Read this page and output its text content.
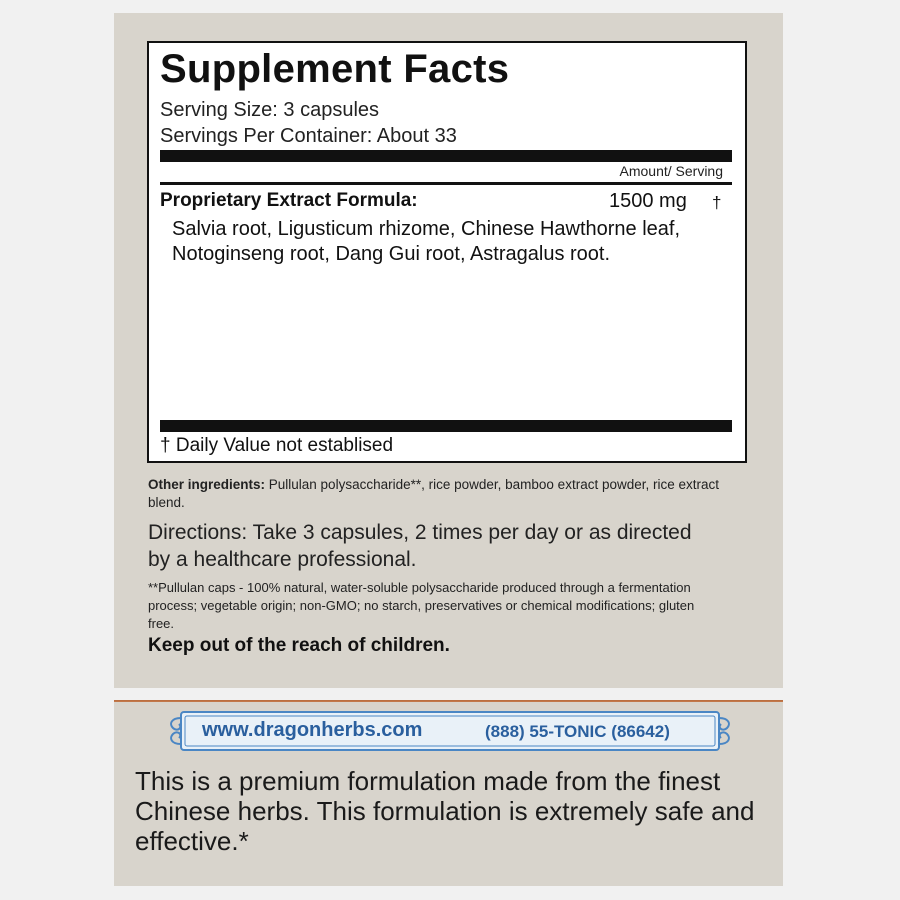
Supplement Facts
Serving Size: 3 capsules
Servings Per Container: About 33
Amount/ Serving
Proprietary Extract Formula:	1500 mg †
Salvia root, Ligusticum rhizome, Chinese Hawthorne leaf, Notoginseng root, Dang Gui root, Astragalus root.
† Daily Value not establised
Other ingredients: Pullulan polysaccharide**, rice powder, bamboo extract powder, rice extract blend.
Directions: Take 3 capsules, 2 times per day or as directed by a healthcare professional.
**Pullulan caps - 100% natural, water-soluble polysaccharide produced through a fermentation process; vegetable origin; non-GMO; no starch, preservatives or chemical modifications; gluten free.
Keep out of the reach of children.
www.dragonherbs.com	(888) 55-TONIC (86642)
This is a premium formulation made from the finest Chinese herbs. This formulation is extremely safe and effective.*
